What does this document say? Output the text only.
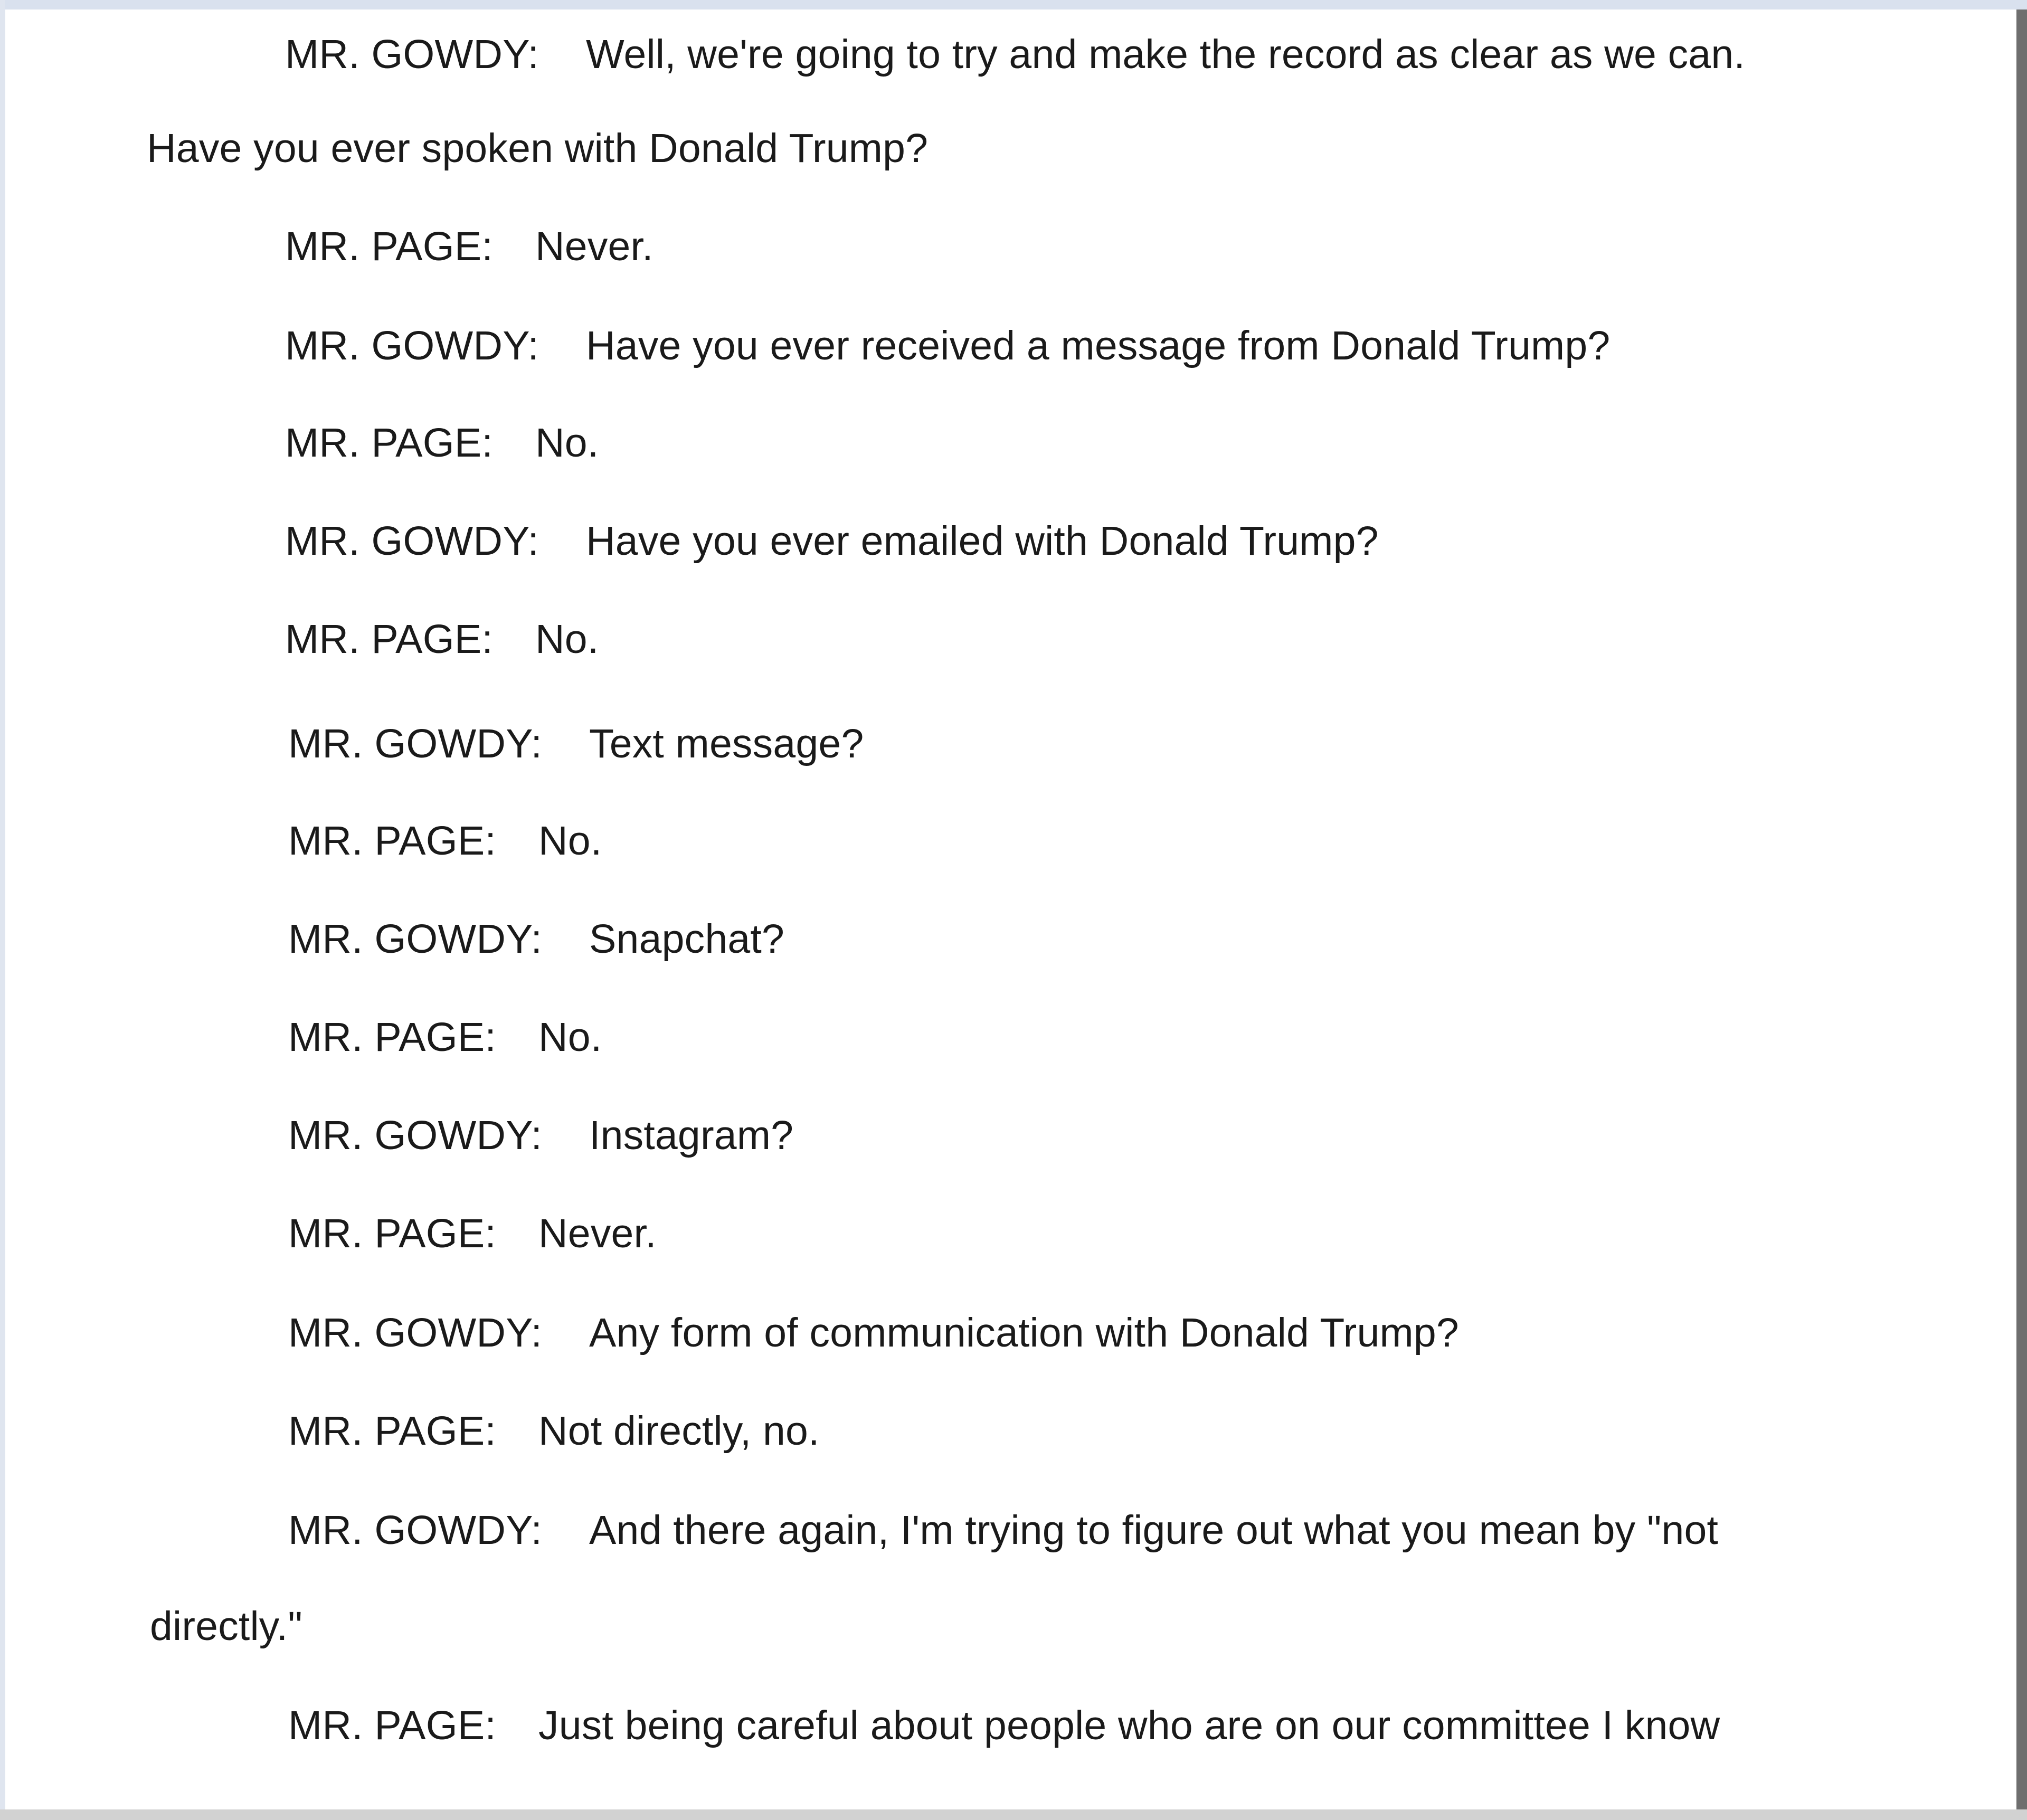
MR. GOWDY: Well, we're going to try and make the record as clear as we can.
Have you ever spoken with Donald Trump?
MR. PAGE: Never.
MR. GOWDY: Have you ever received a message from Donald Trump?
MR. PAGE: No.
MR. GOWDY: Have you ever emailed with Donald Trump?
MR. PAGE: No.
MR. GOWDY: Text message?
MR. PAGE: No.
MR. GOWDY: Snapchat?
MR. PAGE: No.
MR. GOWDY: Instagram?
MR. PAGE: Never.
MR. GOWDY: Any form of communication with Donald Trump?
MR. PAGE: Not directly, no.
MR. GOWDY: And there again, I'm trying to figure out what you mean by "not
directly."
MR. PAGE: Just being careful about people who are on our committee I know
